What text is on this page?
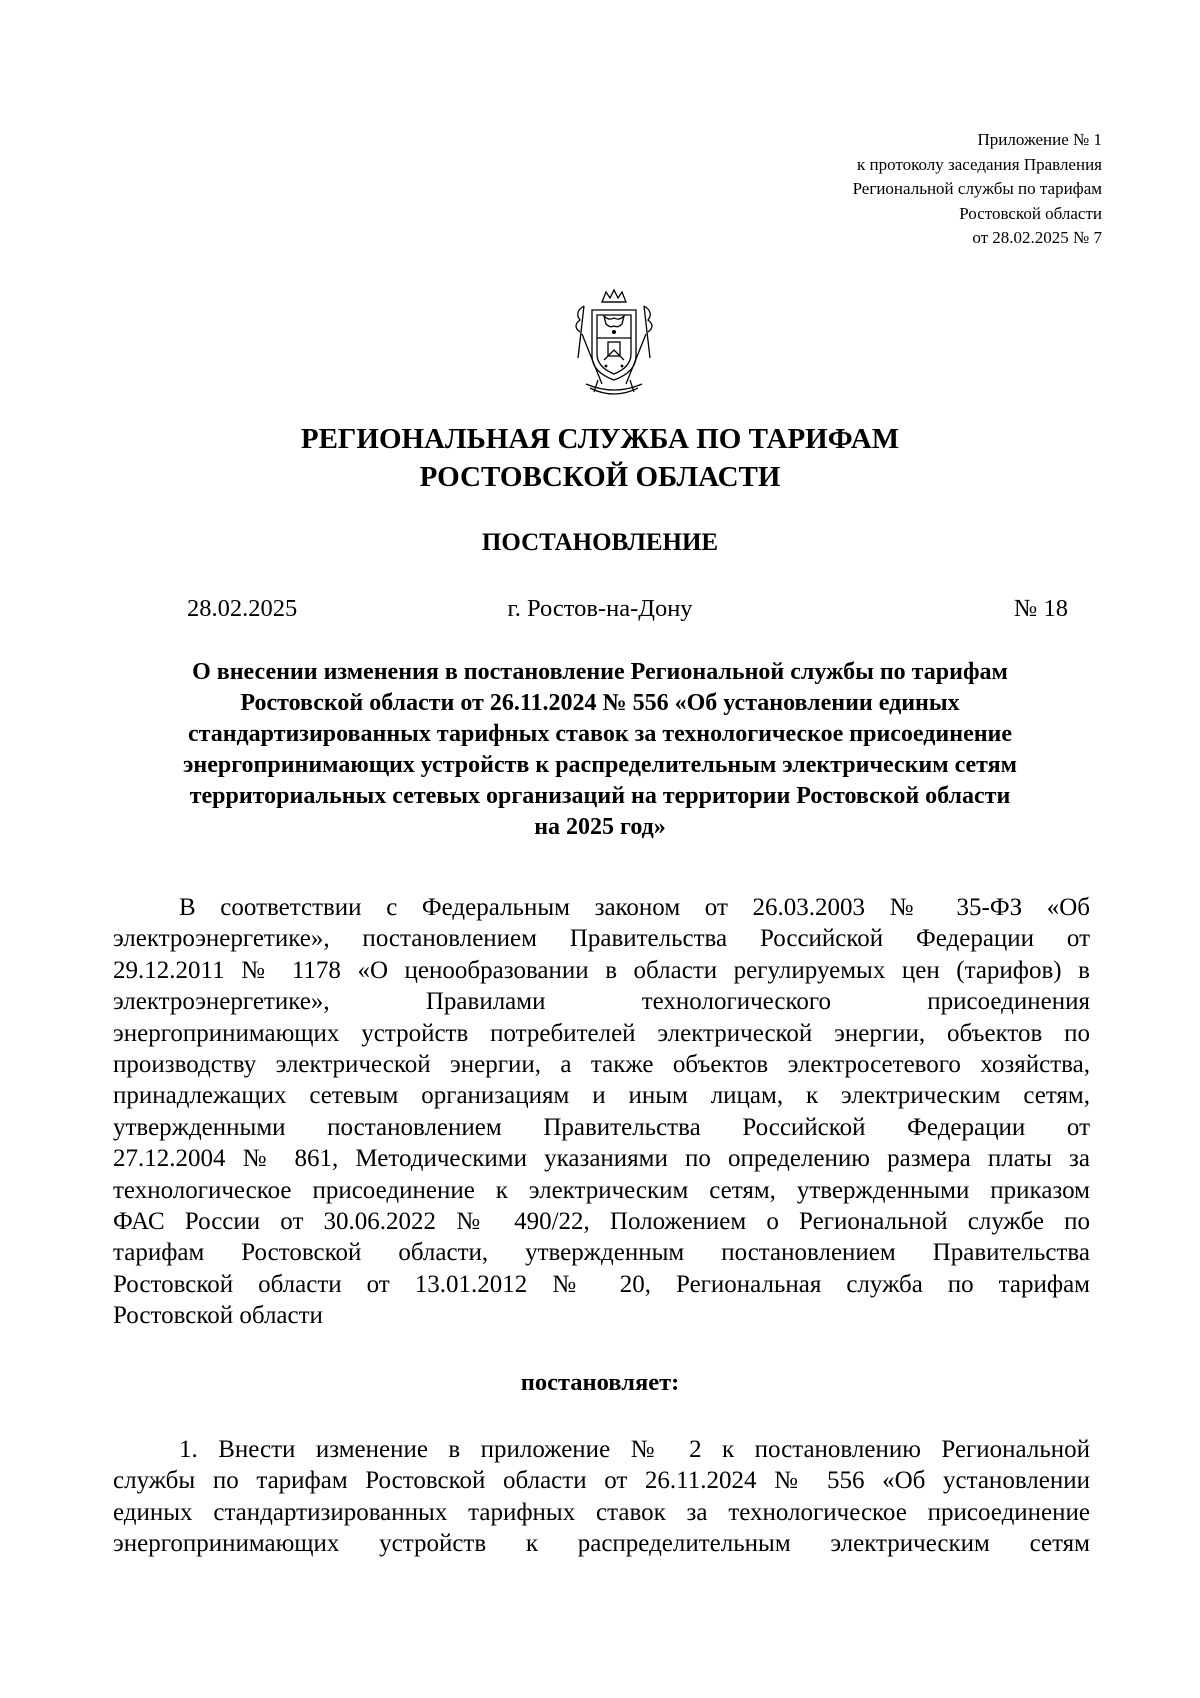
Приложение № 1
к протоколу заседания Правления
Региональной службы по тарифам
Ростовской области
от 28.02.2025 № 7
РЕГИОНАЛЬНАЯ СЛУЖБА ПО ТАРИФАМ
РОСТОВСКОЙ ОБЛАСТИ
ПОСТАНОВЛЕНИЕ
28.02.2025	г. Ростов-на-Дону	№ 18
О внесении изменения в постановление Региональной службы по тарифам
Ростовской области от 26.11.2024 № 556 «Об установлении единых
стандартизированных тарифных ставок за технологическое присоединение
энергопринимающих устройств к распределительным электрическим сетям
территориальных сетевых организаций на территории Ростовской области
на 2025 год»
В соответствии с Федеральным законом от 26.03.2003 № 35-ФЗ «Об
электроэнергетике», постановлением Правительства Российской Федерации от
29.12.2011 № 1178 «О ценообразовании в области регулируемых цен (тарифов) в
электроэнергетике», Правилами технологического присоединения
энергопринимающих устройств потребителей электрической энергии, объектов по
производству электрической энергии, а также объектов электросетевого хозяйства,
принадлежащих сетевым организациям и иным лицам, к электрическим сетям,
утвержденными постановлением Правительства Российской Федерации от
27.12.2004 № 861, Методическими указаниями по определению размера платы за
технологическое присоединение к электрическим сетям, утвержденными приказом
ФАС России от 30.06.2022 № 490/22, Положением о Региональной службе по
тарифам Ростовской области, утвержденным постановлением Правительства
Ростовской области от 13.01.2012 № 20, Региональная служба по тарифам
Ростовской области
постановляет:
1. Внести изменение в приложение № 2 к постановлению Региональной
службы по тарифам Ростовской области от 26.11.2024 № 556 «Об установлении
единых стандартизированных тарифных ставок за технологическое присоединение
энергопринимающих устройств к распределительным электрическим сетям
